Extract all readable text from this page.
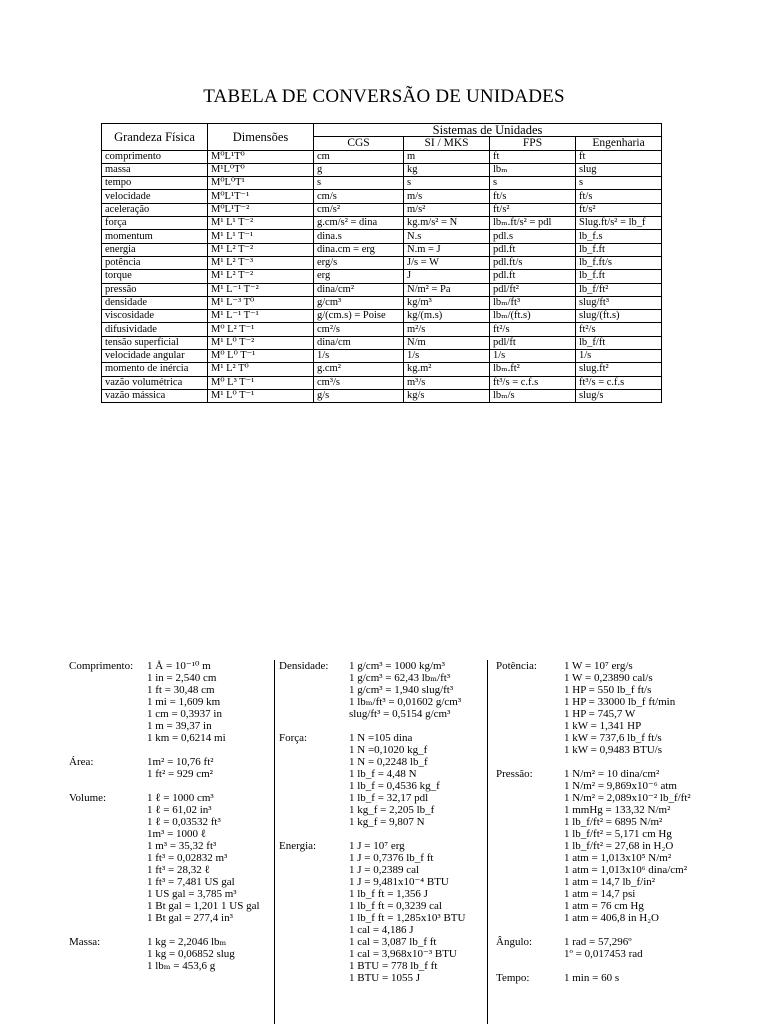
TABELA DE CONVERSÃO DE UNIDADES
Grandeza Física	Dimensões	Sistemas de Unidades			
		CGS	SI / MKS	FPS	Engenharia
comprimento	M⁰L¹T⁰	cm	m	ft	ft
massa	M¹L⁰T⁰	g	kg	lbₘ	slug
tempo	M⁰L⁰T¹	s	s	s	s
velocidade	M⁰L¹T⁻¹	cm/s	m/s	ft/s	ft/s
aceleração	M⁰L¹T⁻²	cm/s²	m/s²	ft/s²	ft/s²
força	M¹ L¹ T⁻²	g.cm/s² = dina	kg.m/s² = N	lbₘ.ft/s² = pdl	Slug.ft/s² = lb_f
momentum	M¹ L¹ T⁻¹	dina.s	N.s	pdl.s	lb_f.s
energia	M¹ L² T⁻²	dina.cm = erg	N.m = J	pdl.ft	lb_f.ft
potência	M¹ L² T⁻³	erg/s	J/s = W	pdl.ft/s	lb_f.ft/s
torque	M¹ L² T⁻²	erg	J	pdl.ft	lb_f.ft
pressão	M¹ L⁻¹ T⁻²	dina/cm²	N/m² = Pa	pdl/ft²	lb_f/ft²
densidade	M¹ L⁻³ T⁰	g/cm³	kg/m³	lbₘ/ft³	slug/ft³
viscosidade	M¹ L⁻¹ T⁻¹	g/(cm.s) = Poise	kg/(m.s)	lbₘ/(ft.s)	slug/(ft.s)
difusividade	M⁰ L² T⁻¹	cm²/s	m²/s	ft²/s	ft²/s
tensão superficial	M¹ L⁰ T⁻²	dina/cm	N/m	pdl/ft	lb_f/ft
velocidade angular	M⁰ L⁰ T⁻¹	1/s	1/s	1/s	1/s
momento de inércia	M¹ L² T⁰	g.cm²	kg.m²	lbₘ.ft²	slug.ft²
vazão volumétrica	M⁰ L³ T⁻¹	cm³/s	m³/s	ft³/s = c.f.s	ft³/s = c.f.s
vazão mássica	M¹ L⁰ T⁻¹	g/s	kg/s	lbₘ/s	slug/s
Comprimento: 1 Å = 10⁻¹⁰ m
1 in = 2,540 cm
1 ft = 30,48 cm
1 mi = 1,609 km
1 cm = 0,3937 in
1 m = 39,37 in
1 km = 0,6214 mi
Área:	1m² = 10,76 ft²
1 ft² = 929 cm²
Volume:	1 ℓ = 1000 cm³
1 ℓ = 61,02 in³
1 ℓ = 0,03532 ft³
1m³ = 1000 ℓ
1 m³ = 35,32 ft³
1 ft³ = 0,02832 m³
1 ft³ = 28,32 ℓ
1 ft³ = 7,481 US gal
1 US gal = 3,785 m³
1 Bt gal = 1,201 1 US gal
1 Bt gal = 277,4 in³
Massa:	1 kg = 2,2046 lbₘ
1 kg = 0,06852 slug
1 lbₘ = 453,6 g
Densidade: 1 g/cm³ = 1000 kg/m³
1 g/cm³ = 62,43 lbₘ/ft³
1 g/cm³ = 1,940 slug/ft³
1 lbₘ/ft³ = 0,01602 g/cm³
slug/ft³ = 0,5154 g/cm³
Força:	1 N =105 dina
1 N =0,1020 kg_f
1 N = 0,2248 lb_f
1 lb_f = 4,48 N
1 lb_f = 0,4536 kg_f
1 lb_f = 32,17 pdl
1 kg_f = 2,205 lb_f
1 kg_f = 9,807 N
Energia:	1 J = 10⁷ erg
1 J = 0,7376 lb_f ft
1 J = 0,2389 cal
1 J = 9,481x10⁻⁴ BTU
1 lb_f ft = 1,356 J
1 lb_f ft = 0,3239 cal
1 lb_f ft = 1,285x10³ BTU
1 cal = 4,186 J
1 cal = 3,087 lb_f ft
1 cal = 3,968x10⁻³ BTU
1 BTU = 778 lb_f ft
1 BTU = 1055 J
Potência: 1 W = 10⁷ erg/s
1 W = 0,23890 cal/s
1 HP = 550 lb_f ft/s
1 HP = 33000 lb_f ft/min
1 HP = 745,7 W
1 kW = 1,341 HP
1 kW = 737,6 lb_f ft/s
1 kW = 0,9483 BTU/s
Pressão:	1 N/m² = 10 dina/cm²
1 N/m² = 9,869x10⁻⁶ atm
1 N/m² = 2,089x10⁻² lb_f/ft²
1 mmHg = 133,32 N/m²
1 lb_f/ft² = 6895 N/m²
1 lb_f/ft² = 5,171 cm Hg
1 lb_f/ft² = 27,68 in H₂O
1 atm = 1,013x10⁵ N/m²
1 atm = 1,013x10⁶ dina/cm²
1 atm = 14,7 lb_f/in²
1 atm = 14,7 psi
1 atm = 76 cm Hg
1 atm = 406,8 in H₂O
Ângulo:	1 rad = 57,296º
1º = 0,017453 rad
Tempo:	1 min = 60 s
